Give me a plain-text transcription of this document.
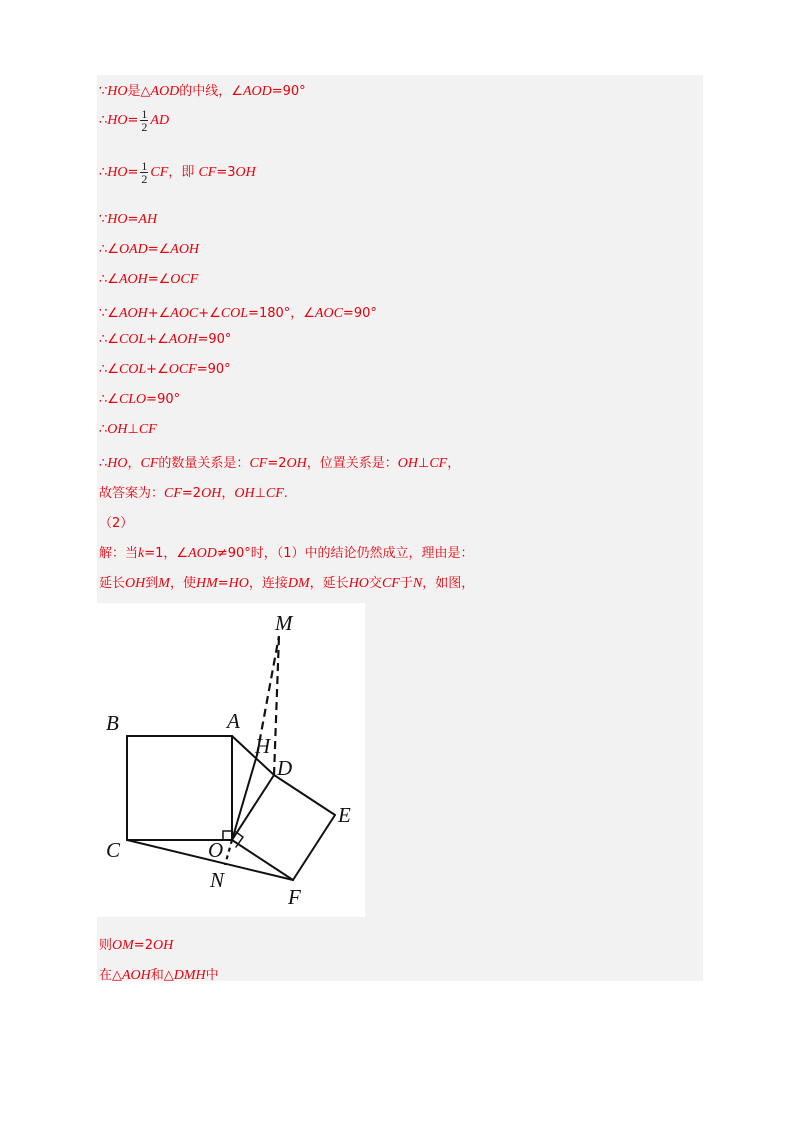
∵HO是△AOD的中线，∠AOD=90°
∴HO= $\frac{1}{2}$ AD
∴HO= $\frac{1}{2}$ CF，即 CF=3OH
∵HO=AH
∴∠OAD=∠AOH
∴∠AOH=∠OCF
∵∠AOH+∠AOC+∠COL=180°，∠AOC=90°
∴∠COL+∠AOH=90°
∴∠COL+∠OCF=90°
∴∠CLO=90°
∴OH⊥CF
∴HO，CF的数量关系是：CF=2OH，位置关系是：OH⊥CF，
故答案为：CF=2OH，OH⊥CF.
（2）
解：当k=1，∠AOD≠90°时，（1）中的结论仍然成立，理由是：
延长OH到M，使HM=HO，连接DM，延长HO交CF于N，如图，
M
B	A
H
D
E
C	O
N
F
则OM=2OH
在△AOH和△DMH中
